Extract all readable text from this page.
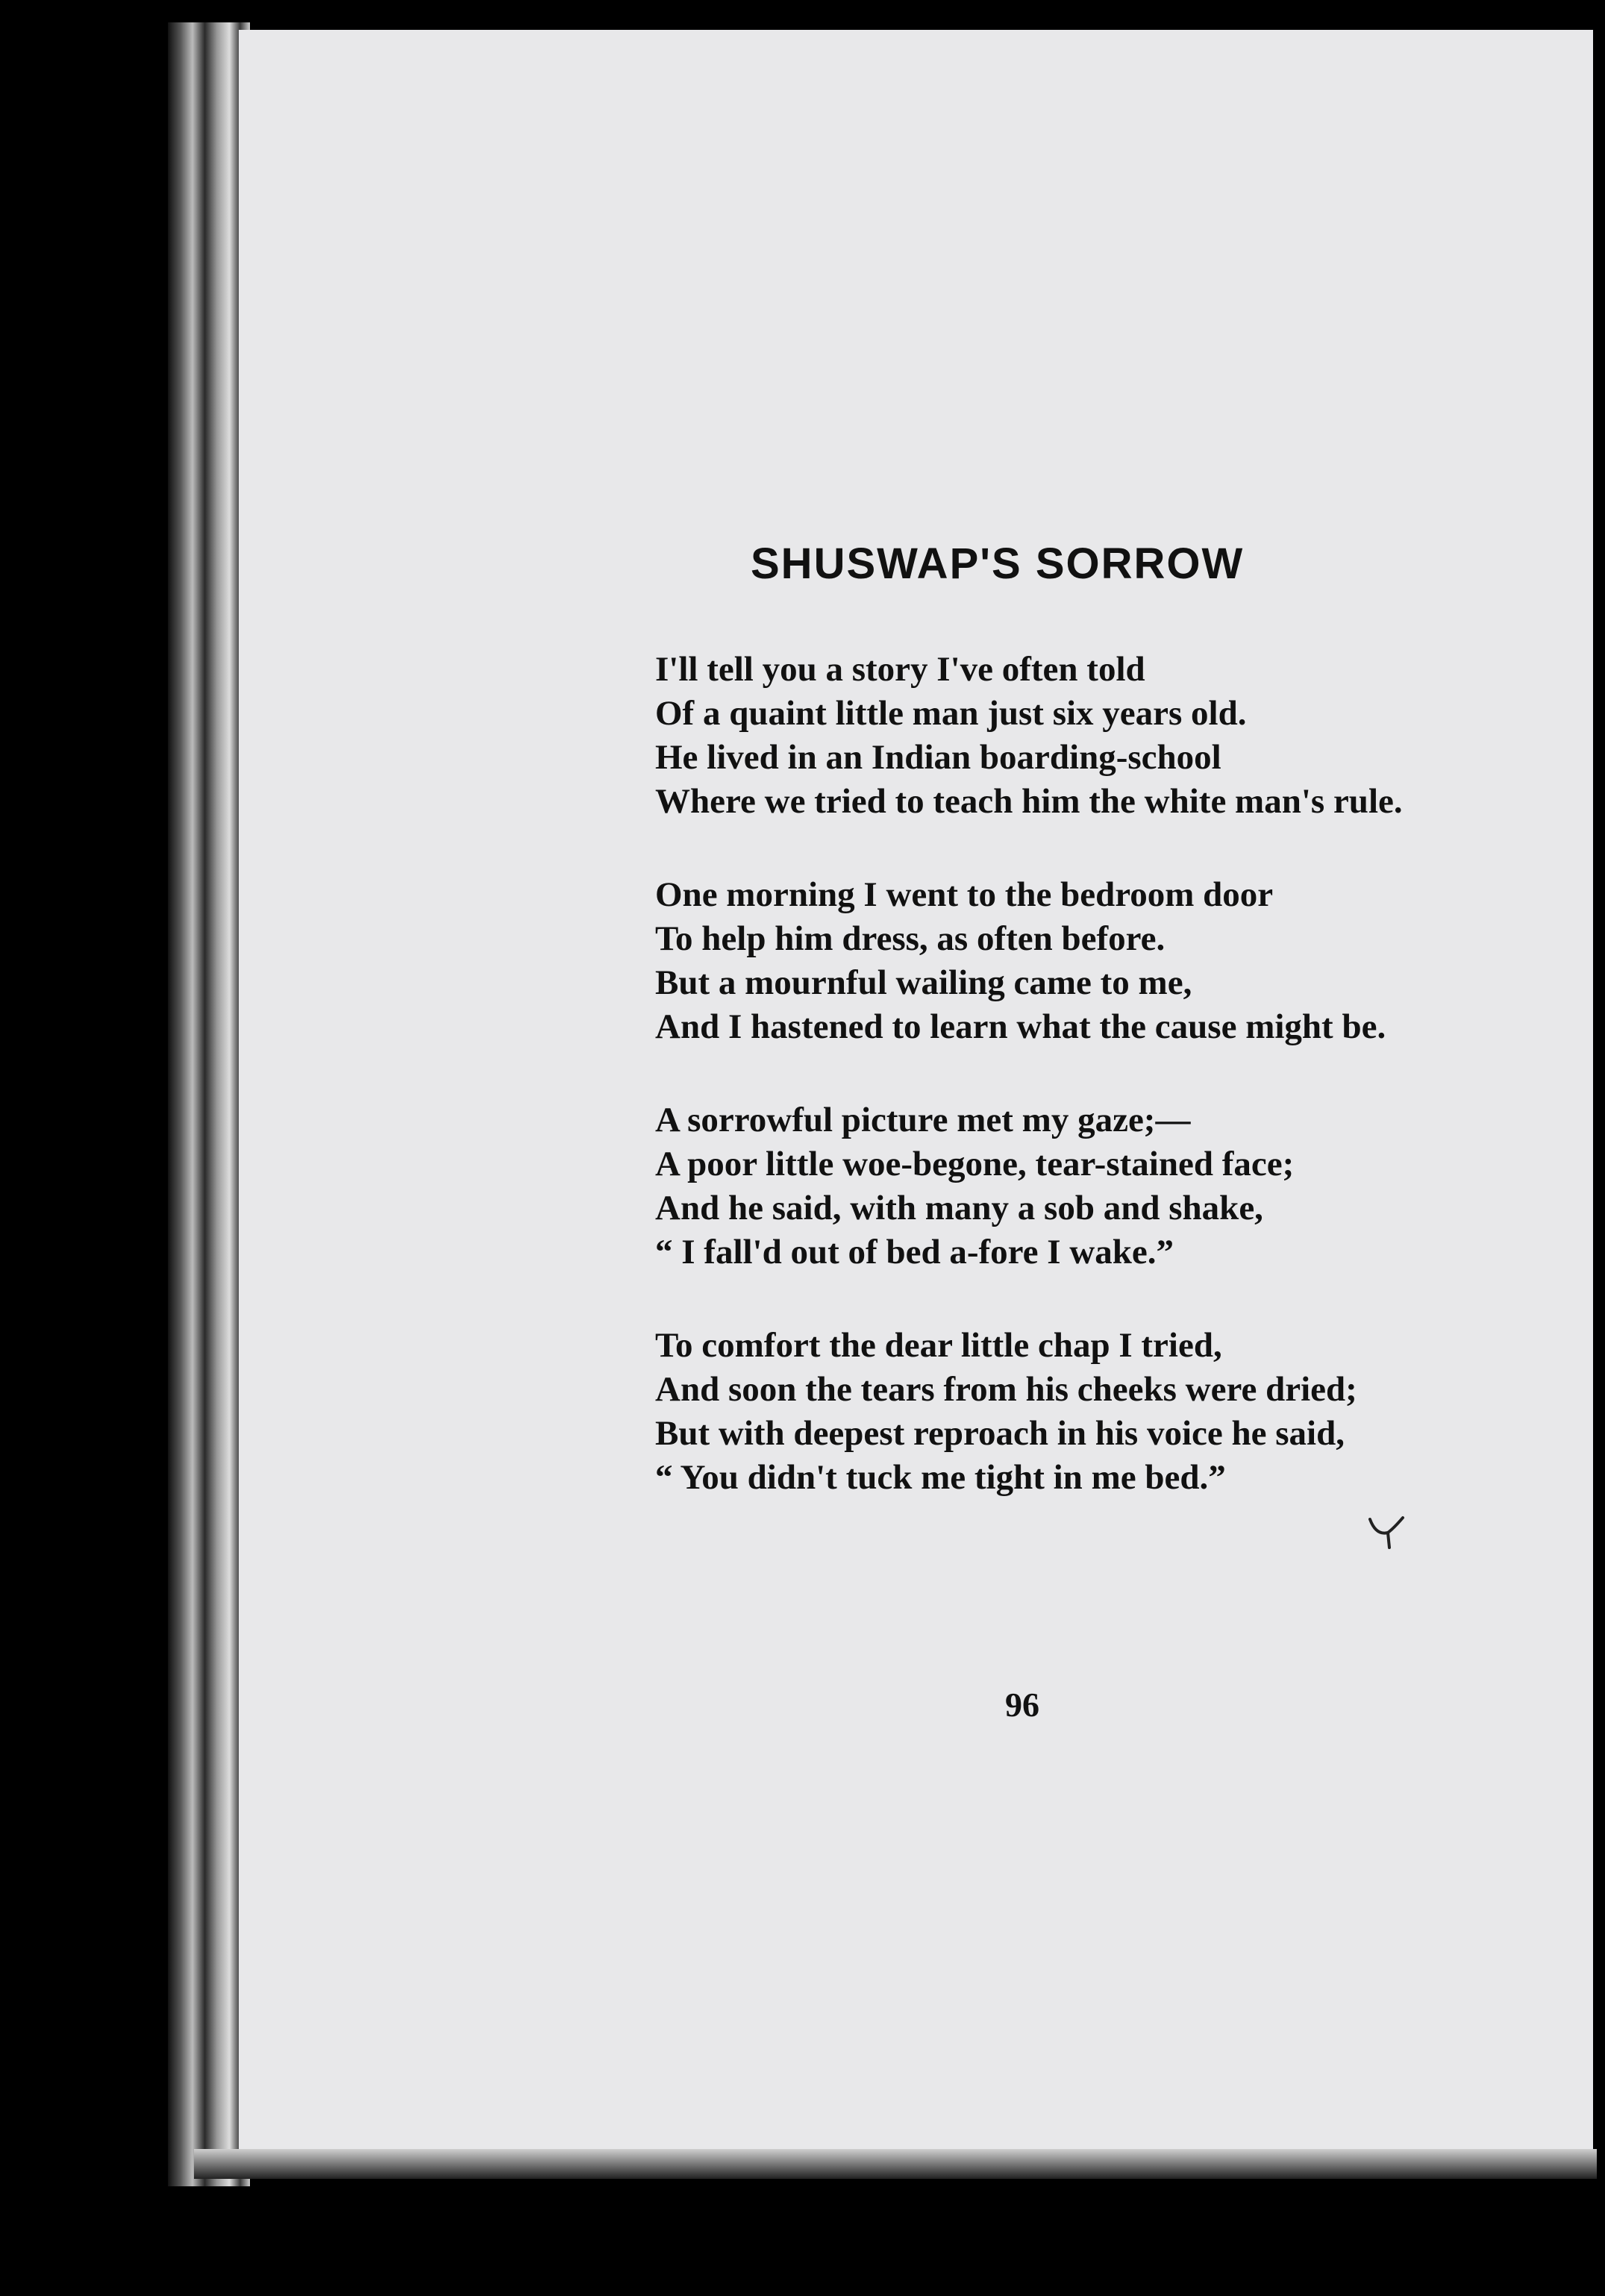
SHUSWAP'S SORROW
I'll tell you a story I've often told
Of a quaint little man just six years old.
He lived in an Indian boarding-school
Where we tried to teach him the white man's rule.
One morning I went to the bedroom door
To help him dress, as often before.
But a mournful wailing came to me,
And I hastened to learn what the cause might be.
A sorrowful picture met my gaze;—
A poor little woe-begone, tear-stained face;
And he said, with many a sob and shake,
“ I fall'd out of bed a-fore I wake.”
To comfort the dear little chap I tried,
And soon the tears from his cheeks were dried;
But with deepest reproach in his voice he said,
“ You didn't tuck me tight in me bed.”
96
